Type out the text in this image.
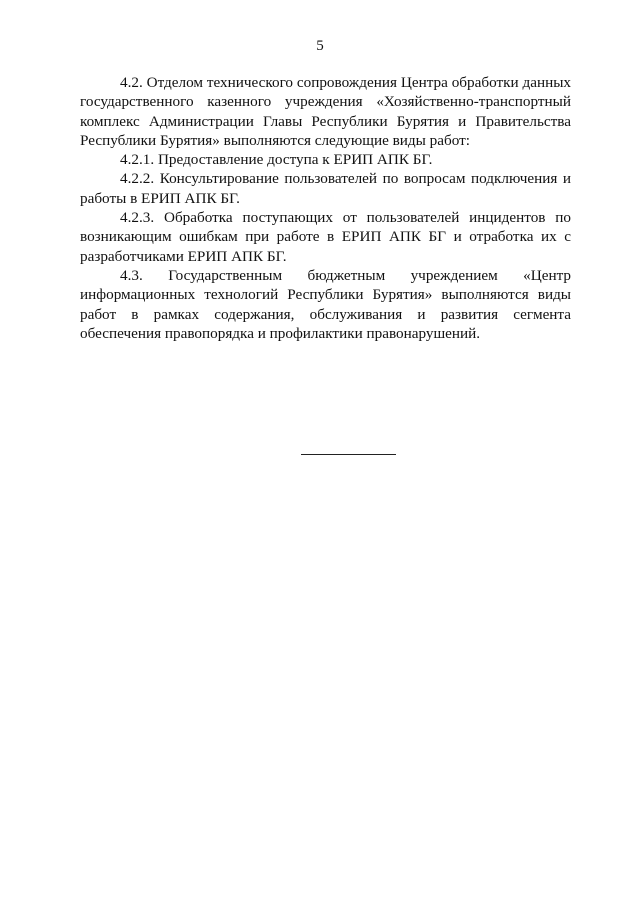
5

4.2. Отделом технического сопровождения Центра обработки данных государственного казенного учреждения «Хозяйственно-транспортный комплекс Администрации Главы Республики Бурятия и Правительства Республики Бурятия» выполняются следующие виды работ:

4.2.1. Предоставление доступа к ЕРИП АПК БГ.

4.2.2. Консультирование пользователей по вопросам подключения и работы в ЕРИП АПК БГ.

4.2.3. Обработка поступающих от пользователей инцидентов по возникающим ошибкам при работе в ЕРИП АПК БГ и отработка их с разработчиками ЕРИП АПК БГ.

4.3. Государственным бюджетным учреждением «Центр информационных технологий Республики Бурятия» выполняются виды работ в рамках содержания, обслуживания и развития сегмента обеспечения правопорядка и профилактики правонарушений.
